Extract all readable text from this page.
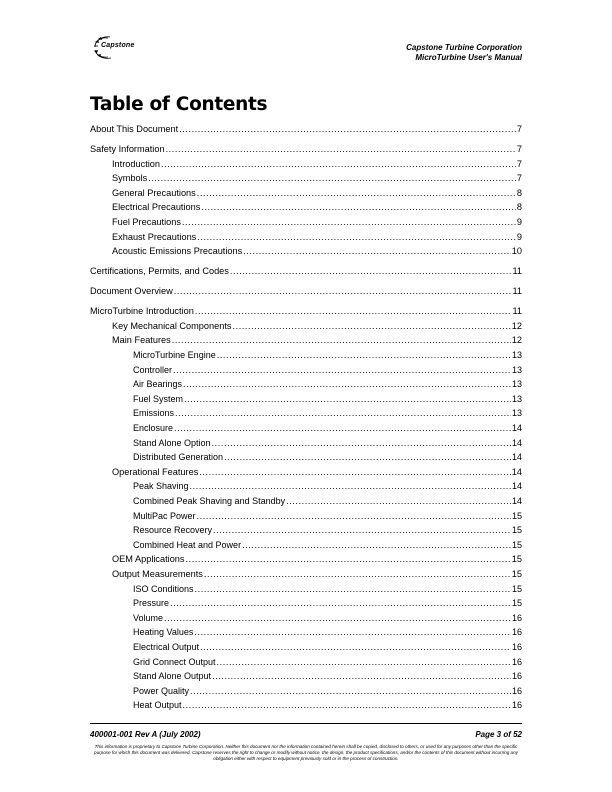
Capstone	Capstone Turbine Corporation
MicroTurbine User's Manual
Table of Contents
About This Document .....	7
Safety Information .....	7
Introduction .....	7
Symbols .....	7
General Precautions .....	8
Electrical Precautions .....	8
Fuel Precautions .....	9
Exhaust Precautions .....	9
Acoustic Emissions Precautions .....	10
Certifications, Permits, and Codes .....	11
Document Overview .....	11
MicroTurbine Introduction .....	11
Key Mechanical Components .....	12
Main Features .....	12
MicroTurbine Engine .....	13
Controller .....	13
Air Bearings .....	13
Fuel System .....	13
Emissions .....	13
Enclosure .....	14
Stand Alone Option .....	14
Distributed Generation .....	14
Operational Features .....	14
Peak Shaving .....	14
Combined Peak Shaving and Standby .....	14
MultiPac Power .....	15
Resource Recovery .....	15
Combined Heat and Power .....	15
OEM Applications .....	15
Output Measurements .....	15
ISO Conditions .....	15
Pressure .....	15
Volume .....	16
Heating Values .....	16
Electrical Output .....	16
Grid Connect Output .....	16
Stand Alone Output .....	16
Power Quality .....	16
Heat Output .....	16
400001-001 Rev A (July 2002)	Page 3 of 52
This information is proprietary to Capstone Turbine Corporation. Neither this document nor the information contained herein shall be copied, disclosed to others, or used for any purposes other than the specific purpose for which this document was delivered. Capstone reserves the right to change or modify without notice, the design, the product specifications, and/or the contents of this document without incurring any obligation either with respect to equipment previously sold or in the process of construction.
